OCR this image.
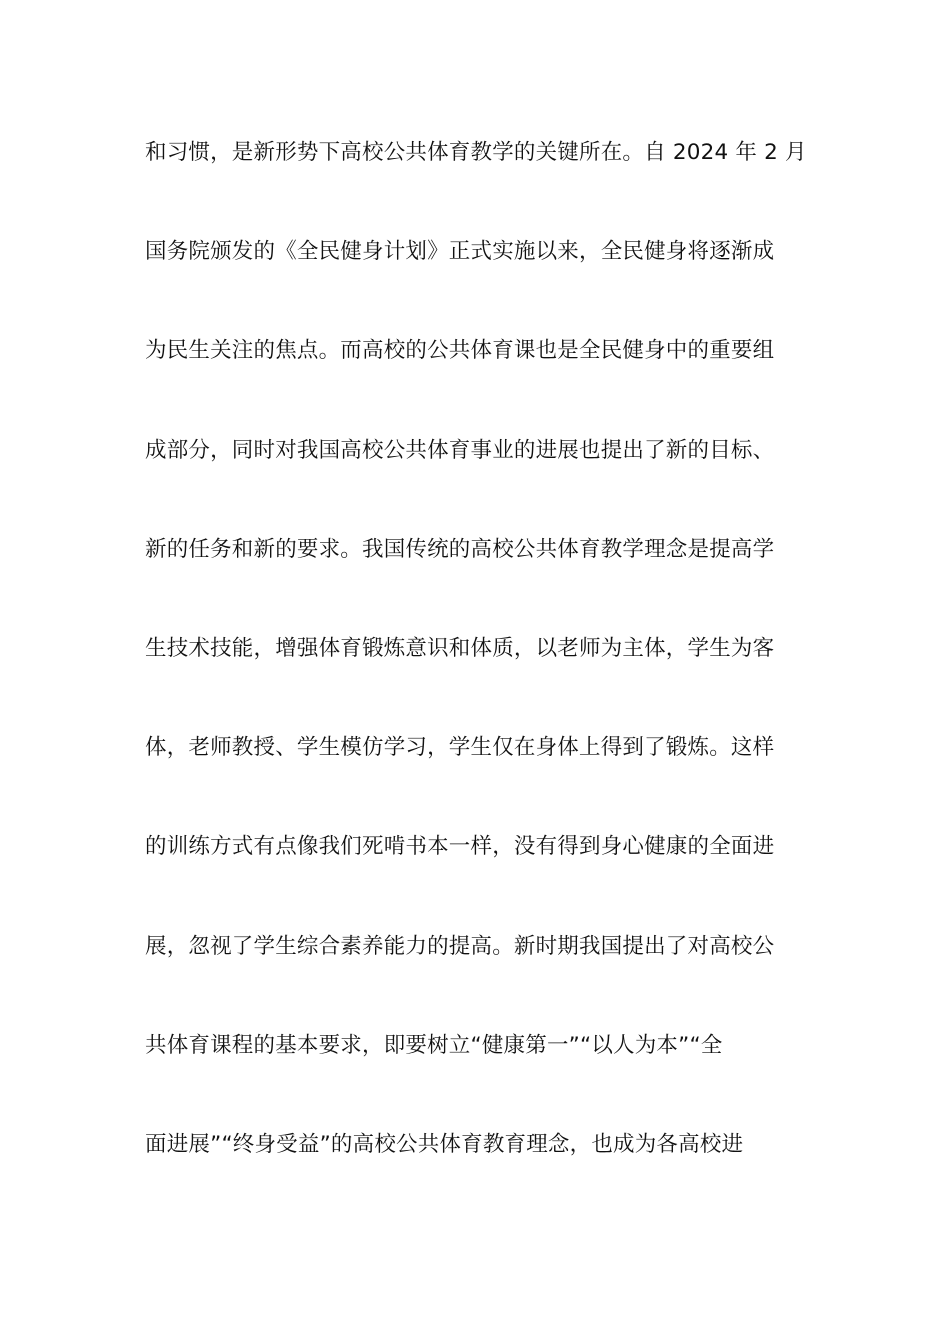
和习惯，是新形势下高校公共体育教学的关键所在。自 2024 年 2 月
国务院颁发的《全民健身计划》正式实施以来，全民健身将逐渐成
为民生关注的焦点。而高校的公共体育课也是全民健身中的重要组
成部分，同时对我国高校公共体育事业的进展也提出了新的目标、
新的任务和新的要求。我国传统的高校公共体育教学理念是提高学
生技术技能，增强体育锻炼意识和体质，以老师为主体，学生为客
体，老师教授、学生模仿学习，学生仅在身体上得到了锻炼。这样
的训练方式有点像我们死啃书本一样，没有得到身心健康的全面进
展，忽视了学生综合素养能力的提高。新时期我国提出了对高校公
共体育课程的基本要求，即要树立“健康第一”“以人为本”“全
面进展”“终身受益”的高校公共体育教育理念，也成为各高校进
